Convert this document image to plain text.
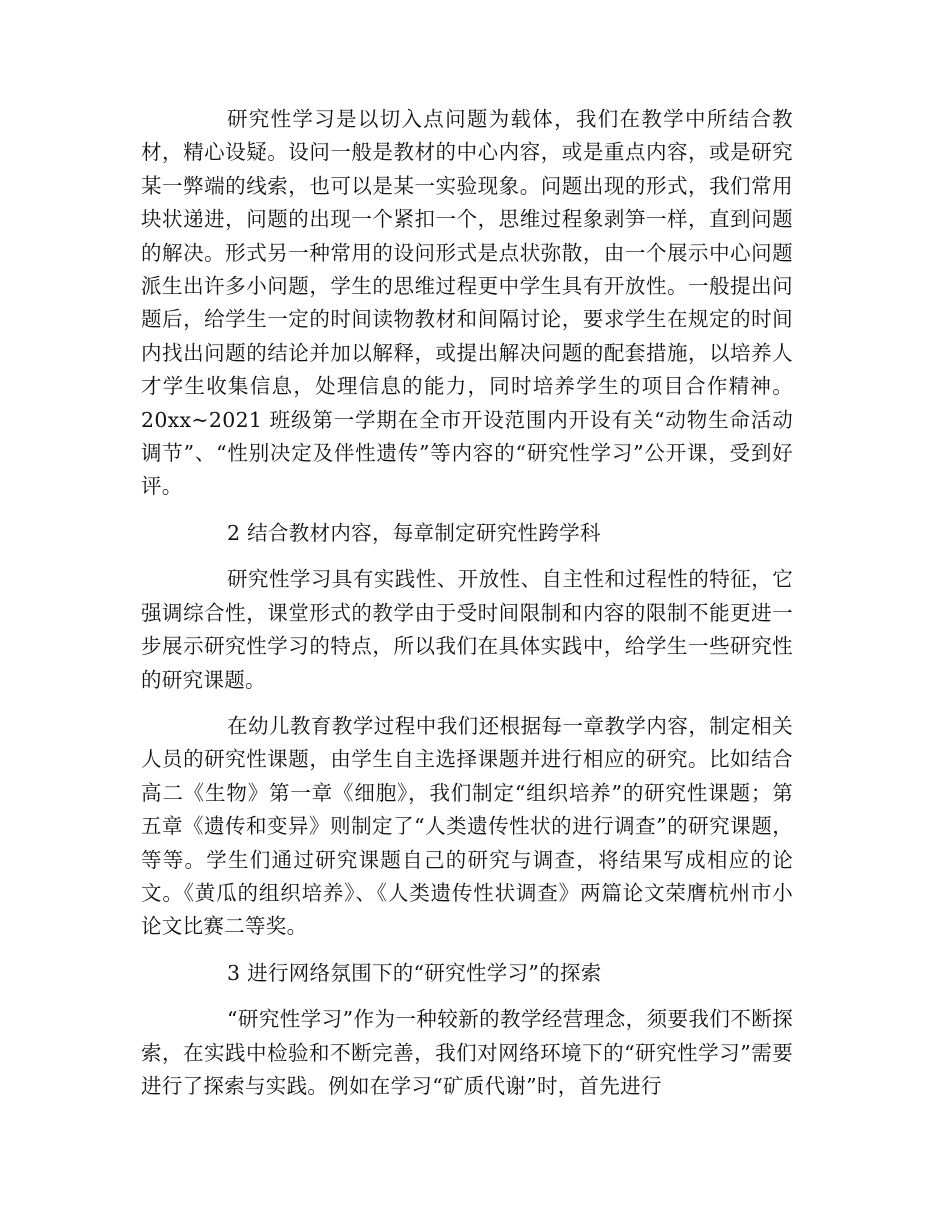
研究性学习是以切入点问题为载体，我们在教学中所结合教材，精心设疑。设问一般是教材的中心内容，或是重点内容，或是研究某一弊端的线索，也可以是某一实验现象。问题出现的形式，我们常用块状递进，问题的出现一个紧扣一个，思维过程象剥笋一样，直到问题的解决。形式另一种常用的设问形式是点状弥散，由一个展示中心问题派生出许多小问题，学生的思维过程更中学生具有开放性。一般提出问题后，给学生一定的时间读物教材和间隔讨论，要求学生在规定的时间内找出问题的结论并加以解释，或提出解决问题的配套措施，以培养人才学生收集信息，处理信息的能力，同时培养学生的项目合作精神。20xx~2021 班级第一学期在全市开设范围内开设有关“动物生命活动调节”、“性别决定及伴性遗传”等内容的“研究性学习”公开课，受到好评。

2 结合教材内容，每章制定研究性跨学科

研究性学习具有实践性、开放性、自主性和过程性的特征，它强调综合性，课堂形式的教学由于受时间限制和内容的限制不能更进一步展示研究性学习的特点，所以我们在具体实践中，给学生一些研究性的研究课题。

在幼儿教育教学过程中我们还根据每一章教学内容，制定相关人员的研究性课题，由学生自主选择课题并进行相应的研究。比如结合高二《生物》第一章《细胞》，我们制定“组织培养”的研究性课题；第五章《遗传和变异》则制定了“人类遗传性状的进行调查”的研究课题，等等。学生们通过研究课题自己的研究与调查，将结果写成相应的论文。《黄瓜的组织培养》、《人类遗传性状调查》两篇论文荣膺杭州市小论文比赛二等奖。

3 进行网络氛围下的“研究性学习”的探索

“研究性学习”作为一种较新的教学经营理念，须要我们不断探索，在实践中检验和不断完善，我们对网络环境下的“研究性学习”需要进行了探索与实践。例如在学习“矿质代谢”时，首先进行
